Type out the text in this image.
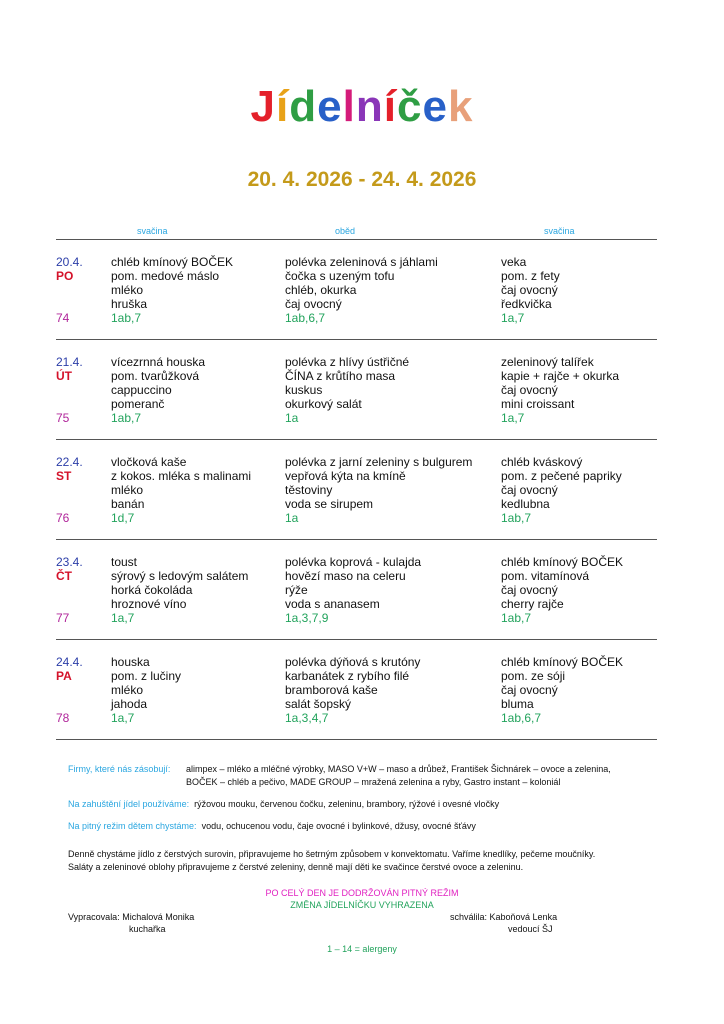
Jídelníček
20. 4. 2026 - 24. 4. 2026
svačina	oběd	svačina
20.4.
PO
74
chléb kmínový BOČEK
pom. medové máslo
mléko
hruška
1ab,7
polévka zeleninová s jáhlami
čočka s uzeným tofu
chléb, okurka
čaj ovocný
1ab,6,7
veka
pom. z fety
čaj ovocný
ředkvička
1a,7
21.4.
ÚT
75
vícezrnná houska
pom. tvarůžková
cappuccino
pomeranč
1ab,7
polévka z hlívy ústřičné
ČÍNA z krůtího masa
kuskus
okurkový salát
1a
zeleninový talířek
kapie + rajče + okurka
čaj ovocný
mini croissant
1a,7
22.4.
ST
76
vločková kaše
z kokos. mléka s malinami
mléko
banán
1d,7
polévka z jarní zeleniny s bulgurem
vepřová kýta na kmíně
těstoviny
voda se sirupem
1a
chléb kváskový
pom. z pečené papriky
čaj ovocný
kedlubna
1ab,7
23.4.
ČT
77
toust
sýrový s ledovým salátem
horká čokoláda
hroznové víno
1a,7
polévka koprová - kulajda
hovězí maso na celeru
rýže
voda s ananasem
1a,3,7,9
chléb kmínový BOČEK
pom. vitamínová
čaj ovocný
cherry rajče
1ab,7
24.4.
PA
78
houska
pom. z lučiny
mléko
jahoda
1a,7
polévka dýňová s krutóny
karbanátek z rybího filé
bramborová kaše
salát šopský
1a,3,4,7
chléb kmínový BOČEK
pom. ze sóji
čaj ovocný
bluma
1ab,6,7
Firmy, které nás zásobují: alimpex – mléko a mléčné výrobky, MASO V+W – maso a drůbež, František Šichnárek – ovoce a zelenina,
BOČEK – chléb a pečivo, MADE GROUP – mražená zelenina a ryby, Gastro instant – koloniál
Na zahuštění jídel používáme: rýžovou mouku, červenou čočku, zeleninu, brambory, rýžové i ovesné vločky
Na pitný režim dětem chystáme: vodu, ochucenou vodu, čaje ovocné i bylinkové, džusy, ovocné šťávy
Denně chystáme jídlo z čerstvých surovin, připravujeme ho šetrným způsobem v konvektomatu. Vaříme knedlíky, pečeme moučníky.
Saláty a zeleninové oblohy připravujeme z čerstvé zeleniny, denně mají děti ke svačince čerstvé ovoce a zeleninu.
PO CELÝ DEN JE DODRŽOVÁN PITNÝ REŽIM
ZMĚNA JÍDELNÍČKU VYHRAZENA
Vypracovala: Michalová Monika
kuchařka
schválila: Kaboňová Lenka
vedoucí ŠJ
1 – 14 = alergeny
